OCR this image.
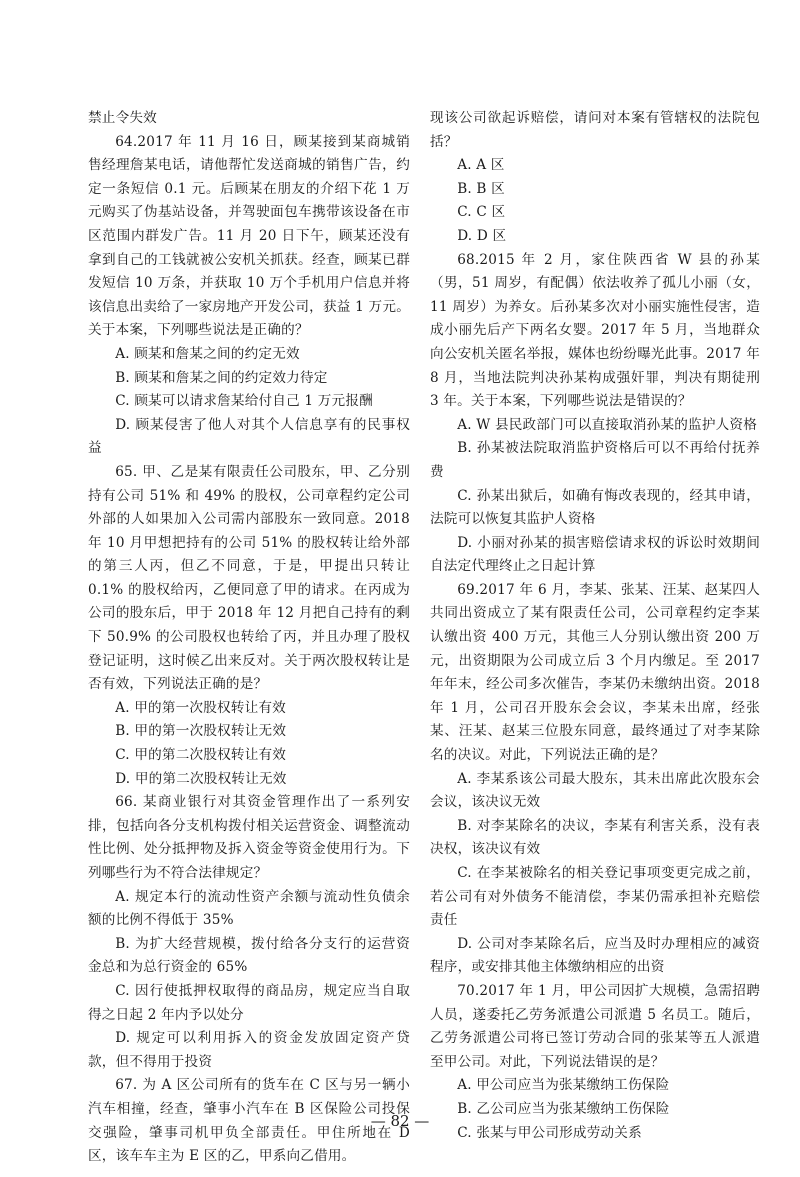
禁止令失效

64.2017 年 11 月 16 日，顾某接到某商城销售经理詹某电话，请他帮忙发送商城的销售广告，约定一条短信 0.1 元。后顾某在朋友的介绍下花 1 万元购买了伪基站设备，并驾驶面包车携带该设备在市区范围内群发广告。11 月 20 日下午，顾某还没有拿到自己的工钱就被公安机关抓获。经查，顾某已群发短信 10 万条，并获取 10 万个手机用户信息并将该信息出卖给了一家房地产开发公司，获益 1 万元。关于本案，下列哪些说法是正确的？

A. 顾某和詹某之间的约定无效

B. 顾某和詹某之间的约定效力待定

C. 顾某可以请求詹某给付自己 1 万元报酬

D. 顾某侵害了他人对其个人信息享有的民事权益

65. 甲、乙是某有限责任公司股东，甲、乙分别持有公司 51% 和 49% 的股权，公司章程约定公司外部的人如果加入公司需内部股东一致同意。2018 年 10 月甲想把持有的公司 51% 的股权转让给外部的第三人丙，但乙不同意，于是，甲提出只转让 0.1% 的股权给丙，乙便同意了甲的请求。在丙成为公司的股东后，甲于 2018 年 12 月把自己持有的剩下 50.9% 的公司股权也转给了丙，并且办理了股权登记证明，这时候乙出来反对。关于两次股权转让是否有效，下列说法正确的是？

A. 甲的第一次股权转让有效

B. 甲的第一次股权转让无效

C. 甲的第二次股权转让有效

D. 甲的第二次股权转让无效

66. 某商业银行对其资金管理作出了一系列安排，包括向各分支机构拨付相关运营资金、调整流动性比例、处分抵押物及拆入资金等资金使用行为。下列哪些行为不符合法律规定？

A. 规定本行的流动性资产余额与流动性负债余额的比例不得低于 35%

B. 为扩大经营规模，拨付给各分支行的运营资金总和为总行资金的 65%

C. 因行使抵押权取得的商品房，规定应当自取得之日起 2 年内予以处分

D. 规定可以利用拆入的资金发放固定资产贷款，但不得用于投资

67. 为 A 区公司所有的货车在 C 区与另一辆小汽车相撞，经查，肇事小汽车在 B 区保险公司投保交强险，肇事司机甲负全部责任。甲住所地在 D 区，该车车主为 E 区的乙，甲系向乙借用。

现该公司欲起诉赔偿，请问对本案有管辖权的法院包括？

A. A 区

B. B 区

C. C 区

D. D 区

68.2015 年 2 月，家住陕西省 W 县的孙某（男，51 周岁，有配偶）依法收养了孤儿小丽（女，11 周岁）为养女。后孙某多次对小丽实施性侵害，造成小丽先后产下两名女婴。2017 年 5 月，当地群众向公安机关匿名举报，媒体也纷纷曝光此事。2017 年 8 月，当地法院判决孙某构成强奸罪，判决有期徒刑 3 年。关于本案，下列哪些说法是错误的？

A. W 县民政部门可以直接取消孙某的监护人资格

B. 孙某被法院取消监护资格后可以不再给付抚养费

C. 孙某出狱后，如确有悔改表现的，经其申请，法院可以恢复其监护人资格

D. 小丽对孙某的损害赔偿请求权的诉讼时效期间自法定代理终止之日起计算

69.2017 年 6 月，李某、张某、汪某、赵某四人共同出资成立了某有限责任公司，公司章程约定李某认缴出资 400 万元，其他三人分别认缴出资 200 万元，出资期限为公司成立后 3 个月内缴足。至 2017 年年末，经公司多次催告，李某仍未缴纳出资。2018 年 1 月，公司召开股东会会议，李某未出席，经张某、汪某、赵某三位股东同意，最终通过了对李某除名的决议。对此，下列说法正确的是？

A. 李某系该公司最大股东，其未出席此次股东会会议，该决议无效

B. 对李某除名的决议，李某有利害关系，没有表决权，该决议有效

C. 在李某被除名的相关登记事项变更完成之前，若公司有对外债务不能清偿，李某仍需承担补充赔偿责任

D. 公司对李某除名后，应当及时办理相应的减资程序，或安排其他主体缴纳相应的出资

70.2017 年 1 月，甲公司因扩大规模，急需招聘人员，遂委托乙劳务派遣公司派遣 5 名员工。随后，乙劳务派遣公司将已签订劳动合同的张某等五人派遣至甲公司。对此，下列说法错误的是？

A. 甲公司应当为张某缴纳工伤保险

B. 乙公司应当为张某缴纳工伤保险

C. 张某与甲公司形成劳动关系

— 82 —
